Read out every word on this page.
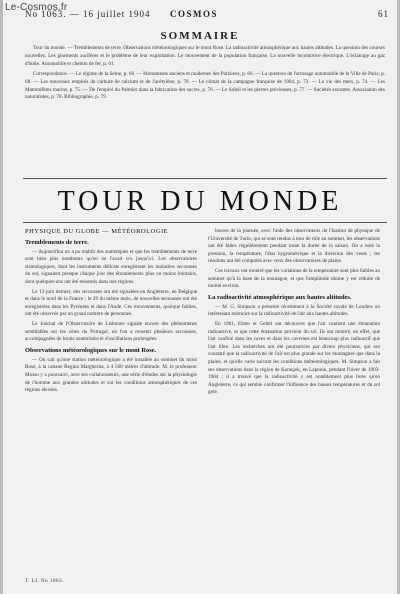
Le-Cosmos.fr
No 1063. — 16 juillet 1904 COSMOS	61
SOMMAIRE

Tour du monde. — Tremblements de terre. Observations météorologiques sur le mont Rose. La radioactivité atmosphérique aux hautes altitudes. La question des courses nouvelles. Les gisements aurifères et le problème de leur exploitation. Le mouvement de la population française. La nouvelle locomotive électrique. L'éclairage au gaz d'huile. Automobile et chemin de fer, p. 61.

Correspondance. — Le régime de la Seine, p. 66. — Monuments anciens et modernes des Parisiens, p. 66. — La question de l'arrosage automobile de la Ville de Paris, p. 68. — Les nouveaux emplois du carbure de calcium et de l'acétylène, p. 70. — Le climat de la campagne française de 1904, p. 73. — La vie des mers, p. 74. — Les Mammifères marins, p. 75. — De l'emploi du Palmier dans la fabrication des sucres, p. 76. — Le Soleil et les pierres précieuses, p. 77. — Sociétés savantes. Association des naturalistes, p. 78. Bibliographie, p. 79.

TOUR DU MONDE
PHYSIQUE DU GLOBE — MÉTÉOROLOGIE
Tremblements de terre.

— Aujourd'hui on a pu établir des statistiques et que les tremblements de terre sont bien plus nombreux qu'on ne l'avait cru jusqu'ici. Les observatoires sismologiques, dont les instruments délicats enregistrent les moindres secousses du sol, signalent presque chaque jour des ébranlements plus ou moins lointains, dont quelques-uns ont été ressentis dans nos régions.

Le 13 juin dernier, des secousses ont été signalées en Angleterre, en Belgique et dans le nord de la France ; le 29 du même mois, de nouvelles secousses ont été enregistrées dans les Pyrénées et dans l'Aude. Ces mouvements, quoique faibles, ont été observés par un grand nombre de personnes.

Le Journal de l'Observatoire de Lisbonne signale encore des phénomènes semblables sur les côtes du Portugal, où l'on a ressenti plusieurs secousses, accompagnées de bruits souterrains et d'oscillations prolongées.

Observations météorologiques sur le mont Rose.

— On sait qu'une station météorologique a été installée au sommet du mont Rose, à la cabane Regina Margherita, à 4 560 mètres d'altitude. M. le professeur Mosso y a poursuivi, avec ses collaborateurs, une série d'études sur la physiologie de l'homme aux grandes altitudes et sur les conditions atmosphériques de ces régions élevées.

heures de la journée, avec l'aide des observateurs de l'Institut de physique de l'Université de Turin, qui se sont rendus à tour de rôle au sommet, les observations ont été faites régulièrement pendant toute la durée de la saison. On a noté la pression, la température, l'état hygrométrique et la direction des vents ; les résultats ont été comparés avec ceux des observatoires de plaine.

Ces travaux ont montré que les variations de la température sont plus faibles au sommet qu'à la base de la montagne, et que l'amplitude diurne y est réduite de moitié environ.

La radioactivité atmosphérique aux hautes altitudes.

— M. G. Simpson a présenté récemment à la Société royale de Londres un intéressant mémoire sur la radioactivité de l'air aux hautes altitudes.

En 1901, Elster et Geitel ont découvert que l'air contient une émanation radioactive, et que cette émanation provient du sol. Ils ont montré, en effet, que l'air confiné dans les caves et dans les cavernes est beaucoup plus radioactif que l'air libre. Les recherches ont été poursuivies par divers physiciens, qui ont constaté que la radioactivité de l'air est plus grande sur les montagnes que dans la plaine, et qu'elle varie suivant les conditions météorologiques. M. Simpson a fait ses observations dans la région de Karasjok, en Laponie, pendant l'hiver de 1903-1904 ; il a trouvé que la radioactivité y est notablement plus forte qu'en Angleterre, ce qui semble confirmer l'influence des basses températures et du sol gelé.

T. LI. No 1063.
